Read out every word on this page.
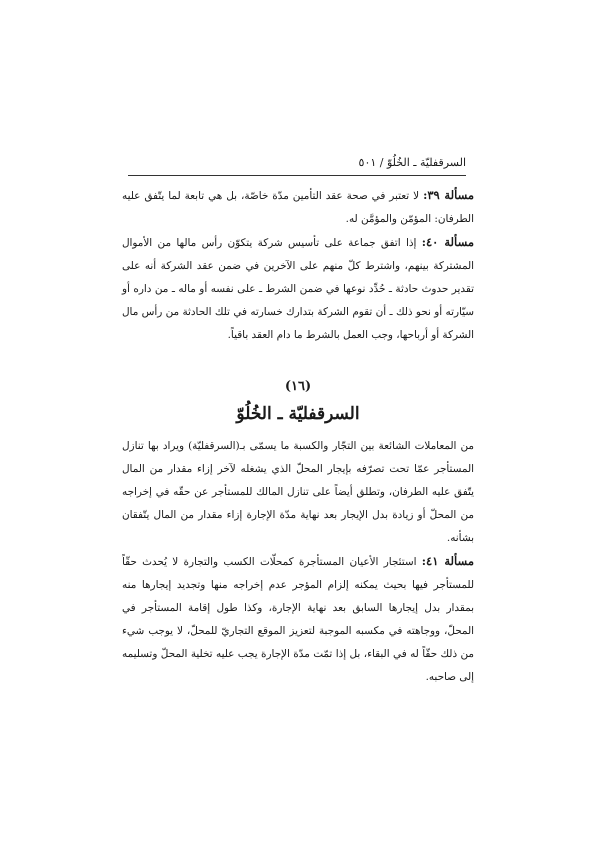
السرقفليّة ـ الخُلُوّ / ٥٠١

مسألة ٣٩: لا تعتبر في صحة عقد التأمين مدّة خاصّة، بل هي تابعة لما يتّفق عليه الطرفان: المؤمّن والمؤمَّن له.

مسألة ٤٠: إذا اتفق جماعة على تأسيس شركة يتكوّن رأس مالها من الأموال المشتركة بينهم، واشترط كلّ منهم على الآخرين في ضمن عقد الشركة أنه على تقدير حدوث حادثة ـ حُدِّد نوعها في ضمن الشرط ـ على نفسه أو ماله ـ من داره أو سيّارته أو نحو ذلك ـ أن تقوم الشركة بتدارك خسارته في تلك الحادثة من رأس مال الشركة أو أرباحها، وجب العمل بالشرط ما دام العقد باقياً.

(١٦)
السرقفليّة ـ الخُلُوّ

من المعاملات الشائعة بين التجّار والكسبة ما يسمّى بـ(السرقفليّة) ويراد بها تنازل المستأجر عمّا تحت تصرّفه بإيجار المحلّ الذي يشغله لآخر إزاء مقدار من المال يتّفق عليه الطرفان، وتطلق أيضاً على تنازل المالك للمستأجر عن حقّه في إخراجه من المحلّ أو زيادة بدل الإيجار بعد نهاية مدّة الإجارة إزاء مقدار من المال يتّفقان بشأنه.

مسألة ٤١: استئجار الأعيان المستأجرة كمحلّات الكسب والتجارة لا يُحدث حقّاً للمستأجر فيها بحيث يمكنه إلزام المؤجر عدم إخراجه منها وتجديد إيجارها منه بمقدار بدل إيجارها السابق بعد نهاية الإجارة، وكذا طول إقامة المستأجر في المحلّ، ووجاهته في مكسبه الموجبة لتعزيز الموقع التجاريّ للمحلّ، لا يوجب شيء من ذلك حقّاً له في البقاء، بل إذا تمّت مدّة الإجارة يجب عليه تخلية المحلّ وتسليمه إلى صاحبه.
